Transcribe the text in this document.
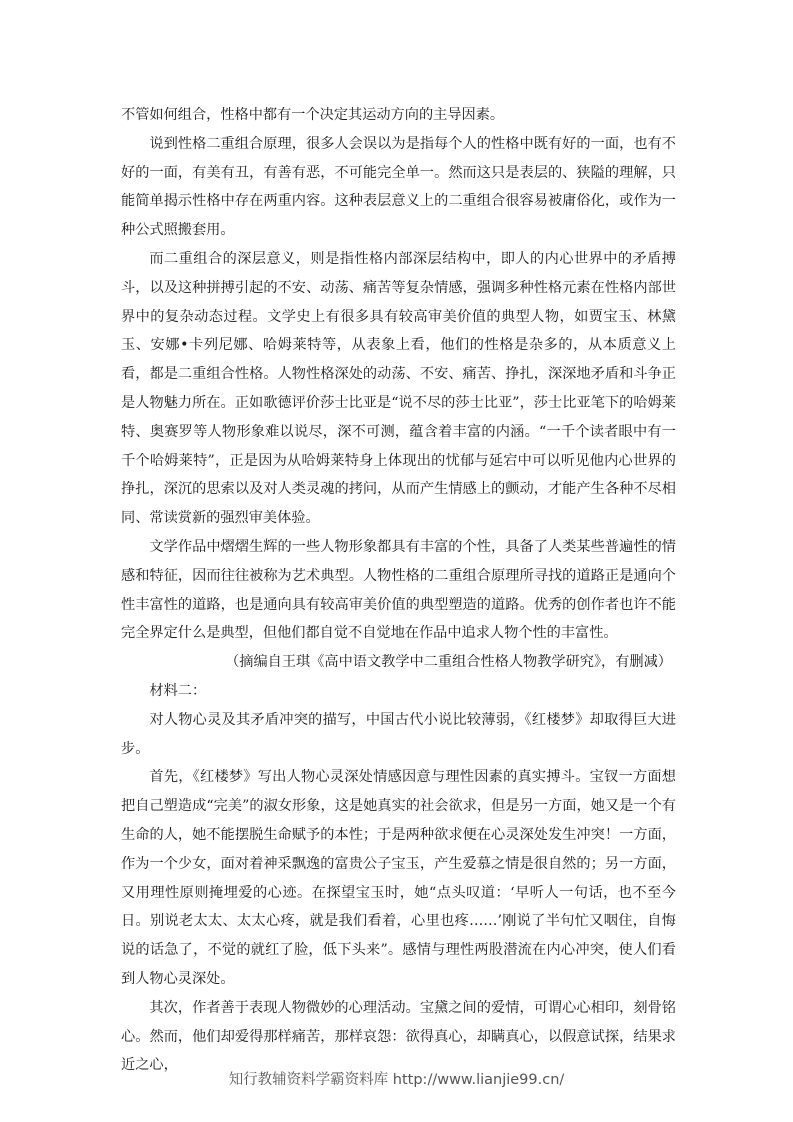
不管如何组合，性格中都有一个决定其运动方向的主导因素。

说到性格二重组合原理，很多人会误以为是指每个人的性格中既有好的一面，也有不好的一面，有美有丑，有善有恶，不可能完全单一。然而这只是表层的、狭隘的理解，只能简单揭示性格中存在两重内容。这种表层意义上的二重组合很容易被庸俗化，或作为一种公式照搬套用。

而二重组合的深层意义，则是指性格内部深层结构中，即人的内心世界中的矛盾搏斗，以及这种拼搏引起的不安、动荡、痛苦等复杂情感，强调多种性格元素在性格内部世界中的复杂动态过程。文学史上有很多具有较高审美价值的典型人物，如贾宝玉、林黛玉、安娜•卡列尼娜、哈姆莱特等，从表象上看，他们的性格是杂多的，从本质意义上看，都是二重组合性格。人物性格深处的动荡、不安、痛苦、挣扎，深深地矛盾和斗争正是人物魅力所在。正如歌德评价莎士比亚是“说不尽的莎士比亚”，莎士比亚笔下的哈姆莱特、奥赛罗等人物形象难以说尽，深不可测，蕴含着丰富的内涵。“一千个读者眼中有一千个哈姆莱特”，正是因为从哈姆莱特身上体现出的忧郁与延宕中可以听见他内心世界的挣扎，深沉的思索以及对人类灵魂的拷问，从而产生情感上的颤动，才能产生各种不尽相同、常读赏新的强烈审美体验。

文学作品中熠熠生辉的一些人物形象都具有丰富的个性，具备了人类某些普遍性的情感和特征，因而往往被称为艺术典型。人物性格的二重组合原理所寻找的道路正是通向个性丰富性的道路，也是通向具有较高审美价值的典型塑造的道路。优秀的创作者也许不能完全界定什么是典型，但他们都自觉不自觉地在作品中追求人物个性的丰富性。

（摘编自王琪《高中语文教学中二重组合性格人物教学研究》，有删减）

材料二：

对人物心灵及其矛盾冲突的描写，中国古代小说比较薄弱，《红楼梦》却取得巨大进步。

首先，《红楼梦》写出人物心灵深处情感因意与理性因素的真实搏斗。宝钗一方面想把自己塑造成“完美”的淑女形象，这是她真实的社会欲求，但是另一方面，她又是一个有生命的人，她不能摆脱生命赋予的本性；于是两种欲求便在心灵深处发生冲突！一方面，作为一个少女，面对着神采飘逸的富贵公子宝玉，产生爱慕之情是很自然的；另一方面，又用理性原则掩埋爱的心迹。在探望宝玉时，她“点头叹道：‘早听人一句话，也不至今日。别说老太太、太太心疼，就是我们看着，心里也疼……’刚说了半句忙又咽住，自悔说的话急了，不觉的就红了脸，低下头来”。感情与理性两股潜流在内心冲突，使人们看到人物心灵深处。

其次，作者善于表现人物微妙的心理活动。宝黛之间的爱情，可谓心心相印，刻骨铭心。然而，他们却爱得那样痛苦，那样哀怨：欲得真心，却瞒真心，以假意试探，结果求近之心，

知行教辅资料学霸资料库 http://www.lianjie99.cn/
